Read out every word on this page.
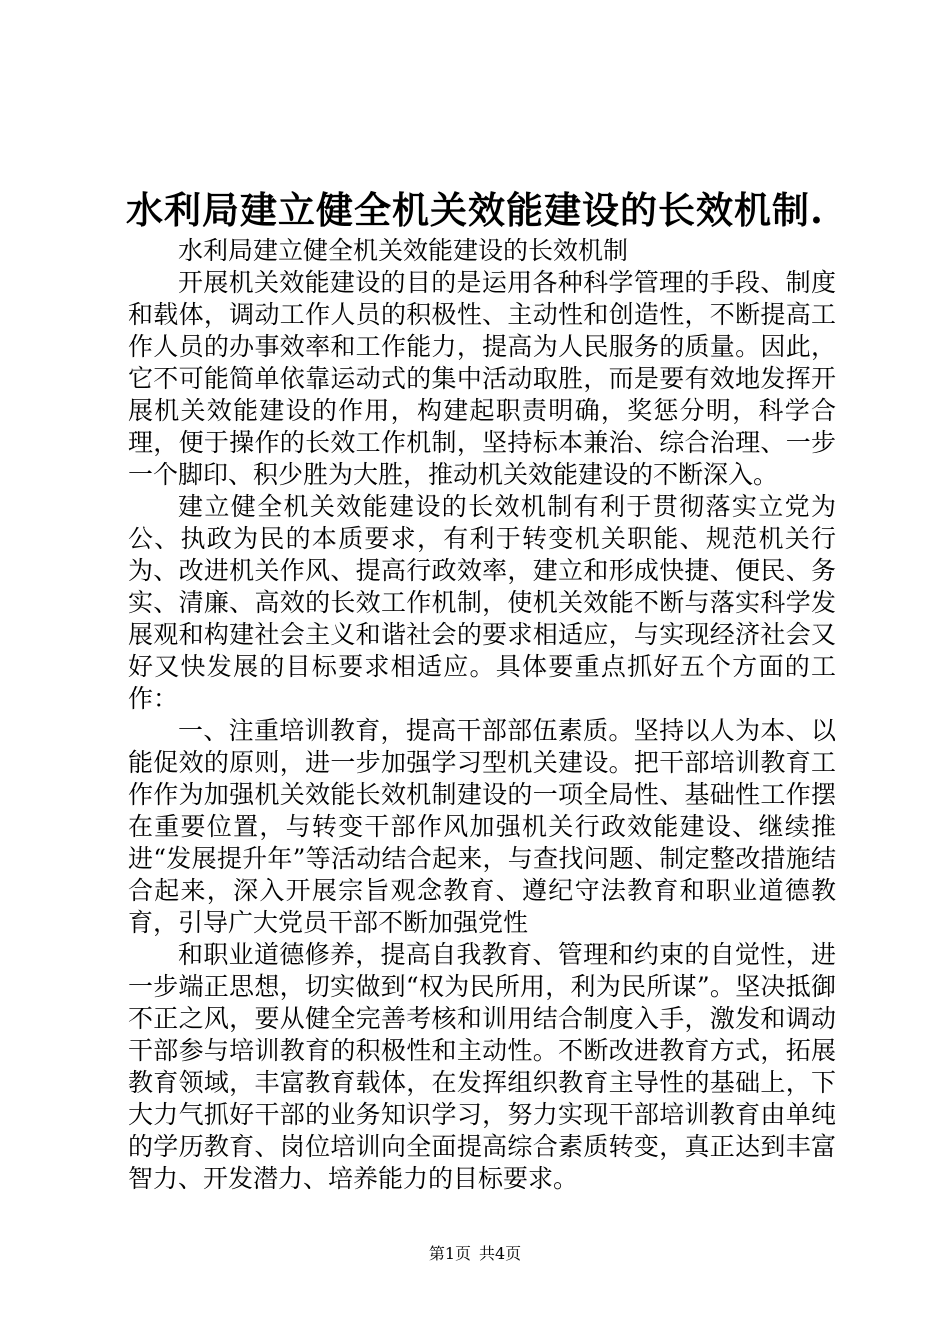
水利局建立健全机关效能建设的长效机制.

水利局建立健全机关效能建设的长效机制

开展机关效能建设的目的是运用各种科学管理的手段、制度和载体，调动工作人员的积极性、主动性和创造性，不断提高工作人员的办事效率和工作能力，提高为人民服务的质量。因此，它不可能简单依靠运动式的集中活动取胜，而是要有效地发挥开展机关效能建设的作用，构建起职责明确，奖惩分明，科学合理，便于操作的长效工作机制，坚持标本兼治、综合治理、一步一个脚印、积少胜为大胜，推动机关效能建设的不断深入。

建立健全机关效能建设的长效机制有利于贯彻落实立党为公、执政为民的本质要求，有利于转变机关职能、规范机关行为、改进机关作风、提高行政效率，建立和形成快捷、便民、务实、清廉、高效的长效工作机制，使机关效能不断与落实科学发展观和构建社会主义和谐社会的要求相适应，与实现经济社会又好又快发展的目标要求相适应。具体要重点抓好五个方面的工作：

一、注重培训教育，提高干部部伍素质。坚持以人为本、以能促效的原则，进一步加强学习型机关建设。把干部培训教育工作作为加强机关效能长效机制建设的一项全局性、基础性工作摆在重要位置，与转变干部作风加强机关行政效能建设、继续推进“发展提升年”等活动结合起来，与查找问题、制定整改措施结合起来，深入开展宗旨观念教育、遵纪守法教育和职业道德教育，引导广大党员干部不断加强党性

和职业道德修养，提高自我教育、管理和约束的自觉性，进一步端正思想，切实做到“权为民所用，利为民所谋”。坚决抵御不正之风，要从健全完善考核和训用结合制度入手，激发和调动干部参与培训教育的积极性和主动性。不断改进教育方式，拓展教育领域，丰富教育载体，在发挥组织教育主导性的基础上，下大力气抓好干部的业务知识学习，努力实现干部培训教育由单纯的学历教育、岗位培训向全面提高综合素质转变，真正达到丰富智力、开发潜力、培养能力的目标要求。

第1页 共4页
